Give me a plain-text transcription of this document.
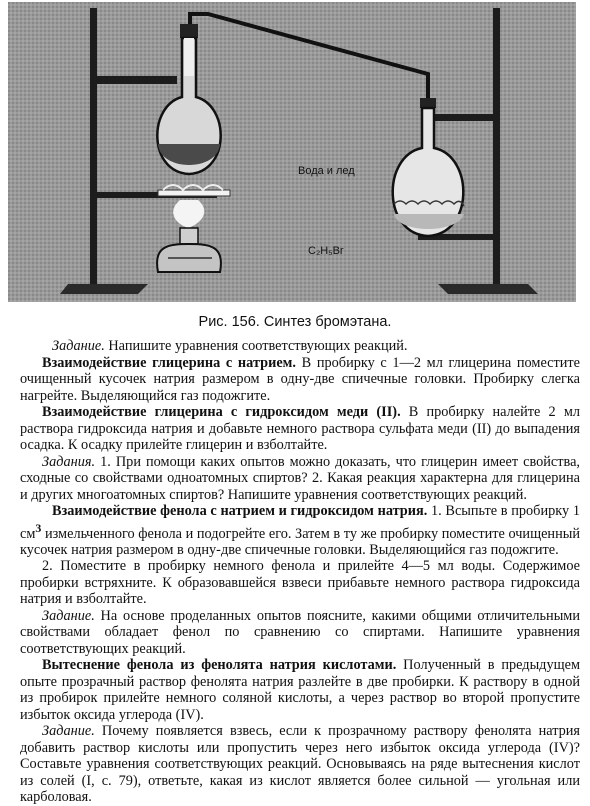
Вода и лед
C₂H₅Br
Рис. 156. Синтез бромэтана.

Задание. Напишите уравнения соответствующих реакций.

Взаимодействие глицерина с натрием. В пробирку с 1—2 мл глицерина поместите очищенный кусочек натрия размером в одну-две спичечные головки. Пробирку слегка нагрейте. Выделяющийся газ подожгите.

Взаимодействие глицерина с гидроксидом меди (II). В пробирку налейте 2 мл раствора гидроксида натрия и добавьте немного раствора сульфата меди (II) до выпадения осадка. К осадку прилейте глицерин и взболтайте.

Задания. 1. При помощи каких опытов можно доказать, что глицерин имеет свойства, сходные со свойствами одноатомных спиртов? 2. Какая реакция характерна для глицерина и других многоатомных спиртов? Напишите уравнения соответствующих реакций.

Взаимодействие фенола с натрием и гидроксидом натрия. 1. Всыпьте в пробирку 1 $см^3$ измельченного фенола и подогрейте его. Затем в ту же пробирку поместите очищенный кусочек натрия размером в одну-две спичечные головки. Выделяющийся газ подожгите.

2. Поместите в пробирку немного фенола и прилейте 4—5 мл воды. Содержимое пробирки встряхните. К образовавшейся взвеси прибавьте немного раствора гидроксида натрия и взболтайте.

Задание. На основе проделанных опытов поясните, какими общими отличительными свойствами обладает фенол по сравнению со спиртами. Напишите уравнения соответствующих реакций.

Вытеснение фенола из фенолята натрия кислотами. Полученный в предыдущем опыте прозрачный раствор фенолята натрия разлейте в две пробирки. К раствору в одной из пробирок прилейте немного соляной кислоты, а через раствор во второй пропустите избыток оксида углерода (IV).

Задание. Почему появляется взвесь, если к прозрачному раствору фенолята натрия добавить раствор кислоты или пропустить через него избыток оксида углерода (IV)? Составьте уравнения соответствующих реакций. Основываясь на ряде вытеснения кислот из солей (I, с. 79), ответьте, какая из кислот является более сильной — угольная или карболовая.
